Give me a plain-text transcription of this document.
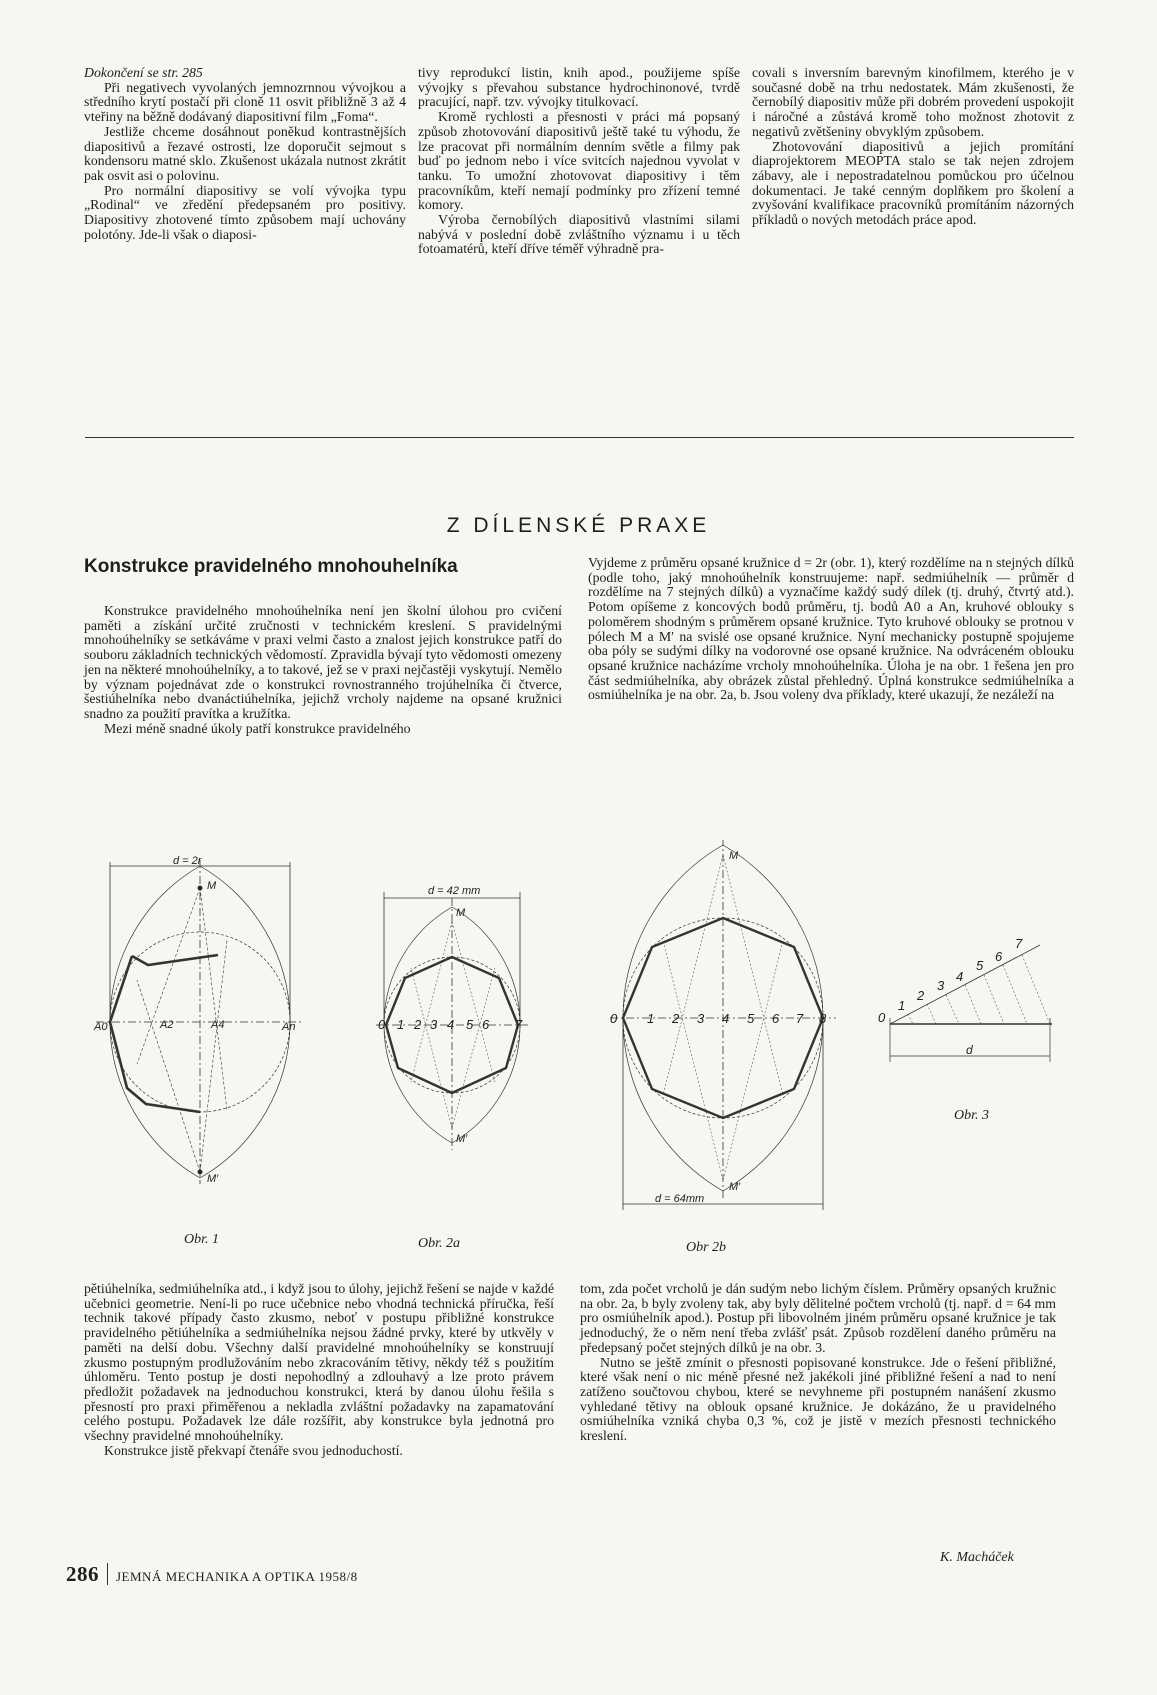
Dokončení se str. 285

Při negativech vyvolaných jemnozrnnou vývojkou a středního krytí postačí při cloně 11 osvit přibližně 3 až 4 vteřiny na běžně dodávaný diapositivní film „Foma“.

Jestliže chceme dosáhnout poněkud kontrastnějších diapositivů a řezavé ostrosti, lze doporučit sejmout s kondensoru matné sklo. Zkušenost ukázala nutnost zkrátit pak osvit asi o polovinu.

Pro normální diapositivy se volí vývojka typu „Rodinal“ ve zředění předepsaném pro positivy. Diapositivy zhotovené tímto způsobem mají uchovány polotóny. Jde-li však o diaposi-

tivy reprodukcí listin, knih apod., použijeme spíše vývojky s převahou substance hydrochinonové, tvrdě pracující, např. tzv. vývojky titulkovací.

Kromě rychlosti a přesnosti v práci má popsaný způsob zhotovování diapositivů ještě také tu výhodu, že lze pracovat při normálním denním světle a filmy pak buď po jednom nebo i více svitcích najednou vyvolat v tanku. To umožní zhotovovat diapositivy i těm pracovníkům, kteří nemají podmínky pro zřízení temné komory.

Výroba černobílých diapositivů vlastními silami nabývá v poslední době zvláštního významu i u těch fotoamatérů, kteří dříve téměř výhradně pra-

covali s inversním barevným kinofilmem, kterého je v současné době na trhu nedostatek. Mám zkušenosti, že černobílý diapositiv může při dobrém provedení uspokojit i náročné a zůstává kromě toho možnost zhotovit z negativů zvětšeniny obvyklým způsobem.

Zhotovování diapositivů a jejich promítání diaprojektorem MEOPTA stalo se tak nejen zdrojem zábavy, ale i nepostradatelnou pomůckou pro účelnou dokumentaci. Je také cenným doplňkem pro školení a zvyšování kvalifikace pracovníků promítáním názorných příkladů o nových metodách práce apod.

Z DÍLENSKÉ PRAXE
Konstrukce pravidelného mnohouhelníka

Konstrukce pravidelného mnohoúhelníka není jen školní úlohou pro cvičení paměti a získání určité zručnosti v technickém kreslení. S pravidelnými mnohoúhelníky se setkáváme v praxi velmi často a znalost jejich konstrukce patří do souboru základních technických vědomostí. Zpravidla bývají tyto vědomosti omezeny jen na některé mnohoúhelníky, a to takové, jež se v praxi nejčastěji vyskytují. Nemělo by význam pojednávat zde o konstrukci rovnostranného trojúhelníka či čtverce, šestiúhelníka nebo dvanáctiúhelníka, jejichž vrcholy najdeme na opsané kružnici snadno za použití pravítka a kružítka.

Mezi méně snadné úkoly patří konstrukce pravidelného

Vyjdeme z průměru opsané kružnice d = 2r (obr. 1), který rozdělíme na n stejných dílků (podle toho, jaký mnohoúhelník konstruujeme: např. sedmiúhelník — průměr d rozdělíme na 7 stejných dílků) a vyznačíme každý sudý dílek (tj. druhý, čtvrtý atd.). Potom opíšeme z koncových bodů průměru, tj. bodů A0 a An, kruhové oblouky s poloměrem shodným s průměrem opsané kružnice. Tyto kruhové oblouky se protnou v pólech M a M′ na svislé ose opsané kružnice. Nyní mechanicky postupně spojujeme oba póly se sudými dílky na vodorovné ose opsané kružnice. Na odvráceném oblouku opsané kružnice nacházíme vrcholy mnohoúhelníka. Úloha je na obr. 1 řešena jen pro část sedmiúhelníka, aby obrázek zůstal přehledný. Úplná konstrukce sedmiúhelníka a osmiúhelníka je na obr. 2a, b. Jsou voleny dva příklady, které ukazují, že nezáleží na

d = 2r
M
M′
A0	A2	A4	An
d = 42 mm
M
M′
0 1 2 3 4 5 6 7
M
M′
d = 64mm
0 1 2 3 4 5 6 7 8	0
1
2
3
4
5
6
7
d
Obr. 1	Obr. 2a	Obr 2b
Obr. 3

pětiúhelníka, sedmiúhelníka atd., i když jsou to úlohy, jejichž řešení se najde v každé učebnici geometrie. Není-li po ruce učebnice nebo vhodná technická příručka, řeší technik takové případy často zkusmo, neboť v postupu přibližné konstrukce pravidelného pětiúhelníka a sedmiúhelníka nejsou žádné prvky, které by utkvěly v paměti na delší dobu. Všechny další pravidelné mnohoúhelníky se konstruují zkusmo postupným prodlužováním nebo zkracováním tětivy, někdy též s použitím úhloměru. Tento postup je dosti nepohodlný a zdlouhavý a lze proto právem předložit požadavek na jednoduchou konstrukci, která by danou úlohu řešila s přesností pro praxi přiměřenou a nekladla zvláštní požadavky na zapamatování celého postupu. Požadavek lze dále rozšířit, aby konstrukce byla jednotná pro všechny pravidelné mnohoúhelníky.

Konstrukce jistě překvapí čtenáře svou jednoduchostí.

tom, zda počet vrcholů je dán sudým nebo lichým číslem. Průměry opsaných kružnic na obr. 2a, b byly zvoleny tak, aby byly dělitelné počtem vrcholů (tj. např. d = 64 mm pro osmiúhelník apod.). Postup při libovolném jiném průměru opsané kružnice je tak jednoduchý, že o něm není třeba zvlášť psát. Způsob rozdělení daného průměru na předepsaný počet stejných dílků je na obr. 3.

Nutno se ještě zmínit o přesnosti popisované konstrukce. Jde o řešení přibližné, které však není o nic méně přesné než jakékoli jiné přibližné řešení a nad to není zatíženo součtovou chybou, které se nevyhneme při postupném nanášení zkusmo vyhledané tětivy na oblouk opsané kružnice. Je dokázáno, že u pravidelného osmiúhelníka vzniká chyba 0,3 %, což je jistě v mezích přesnosti technického kreslení.

K. Macháček
286 JEMNÁ MECHANIKA A OPTIKA 1958/8
